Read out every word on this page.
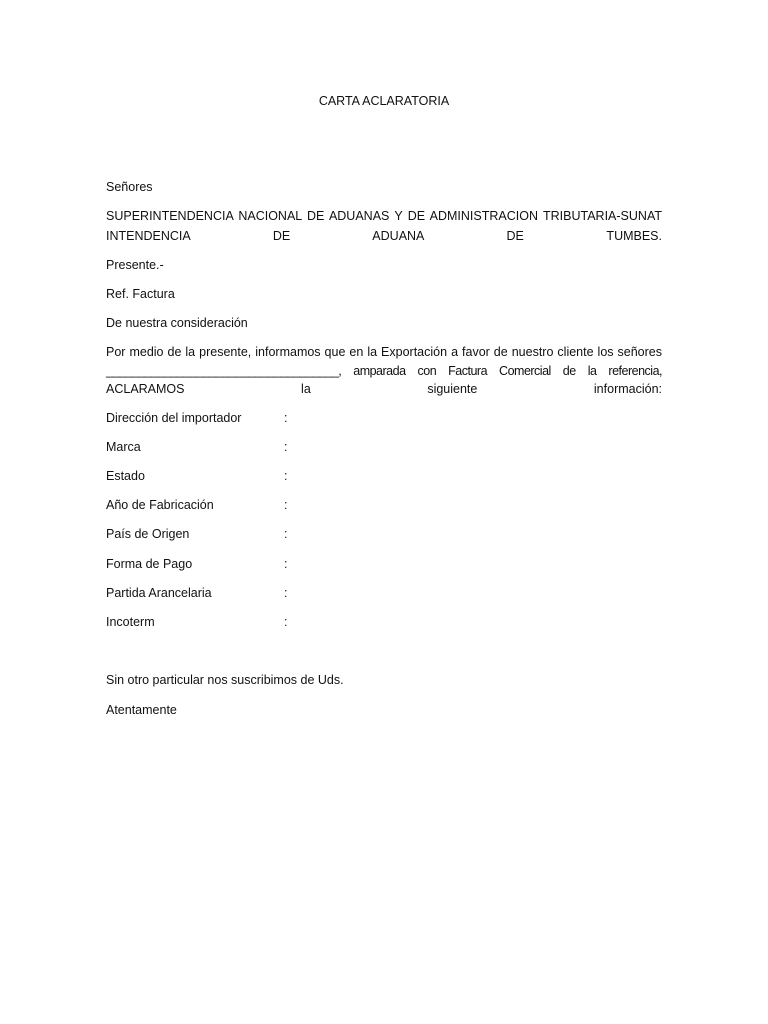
CARTA ACLARATORIA
Señores
SUPERINTENDENCIA NACIONAL DE ADUANAS Y DE ADMINISTRACION TRIBUTARIA-SUNAT
INTENDENCIA DE ADUANA DE TUMBES.
Presente.-
Ref. Factura
De nuestra consideración
Por medio de la presente, informamos que en la Exportación a favor de nuestro cliente los señores
____________________________________, amparada con Factura Comercial de la referencia,
ACLARAMOS la siguiente información:
Dirección del importador	:
Marca	:
Estado	:
Año de Fabricación	:
País de Origen	:
Forma de Pago	:
Partida Arancelaria	:
Incoterm	:
Sin otro particular nos suscribimos de Uds.
Atentamente
